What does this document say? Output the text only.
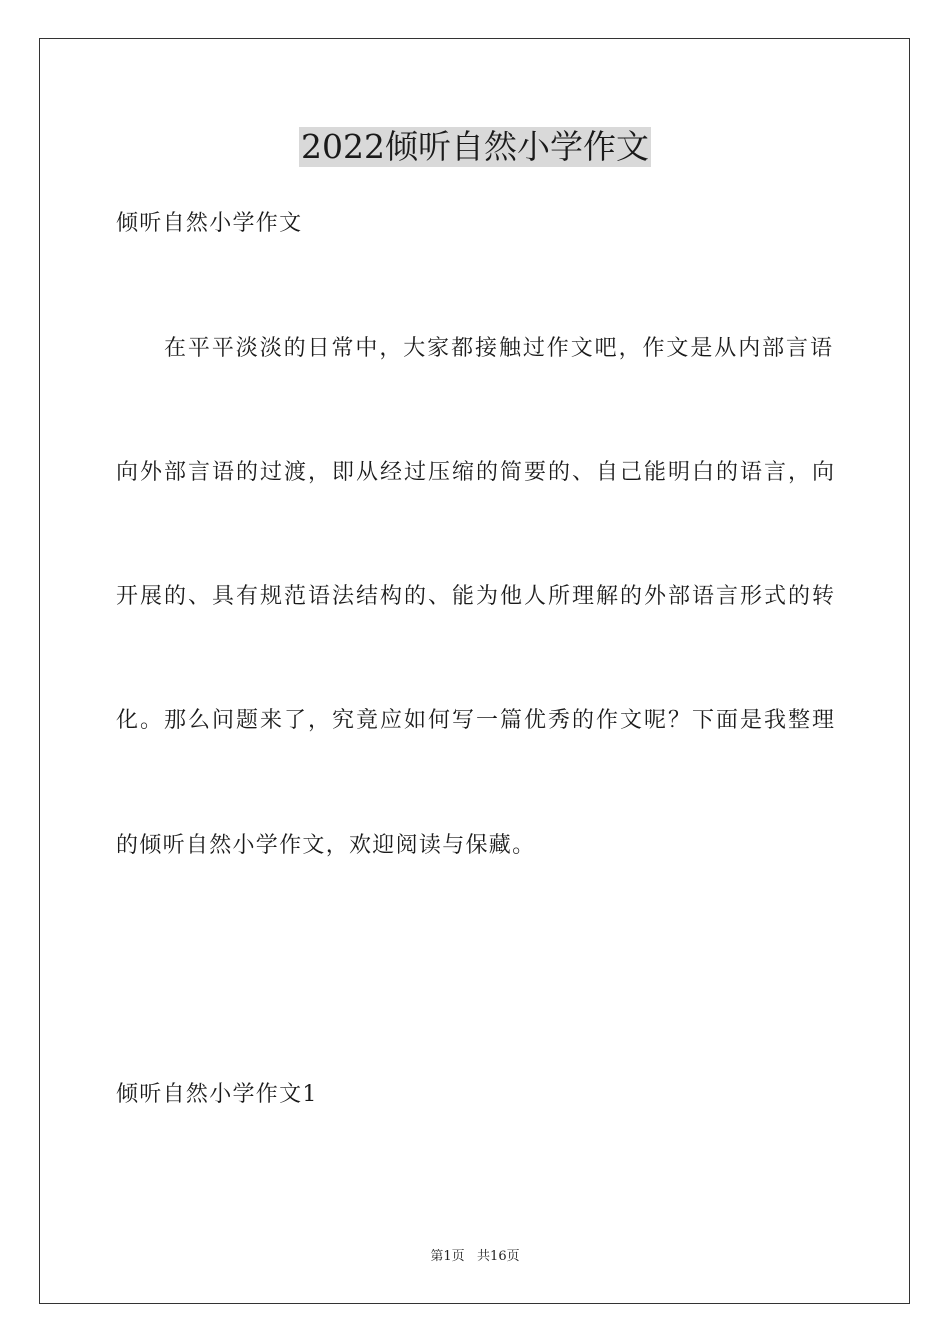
2022倾听自然小学作文
倾听自然小学作文
在平平淡淡的日常中，大家都接触过作文吧，作文是从内部言语
向外部言语的过渡，即从经过压缩的简要的、自己能明白的语言，向
开展的、具有规范语法结构的、能为他人所理解的外部语言形式的转
化。那么问题来了，究竟应如何写一篇优秀的作文呢？下面是我整理
的倾听自然小学作文，欢迎阅读与保藏。
倾听自然小学作文1
第1页   共16页
